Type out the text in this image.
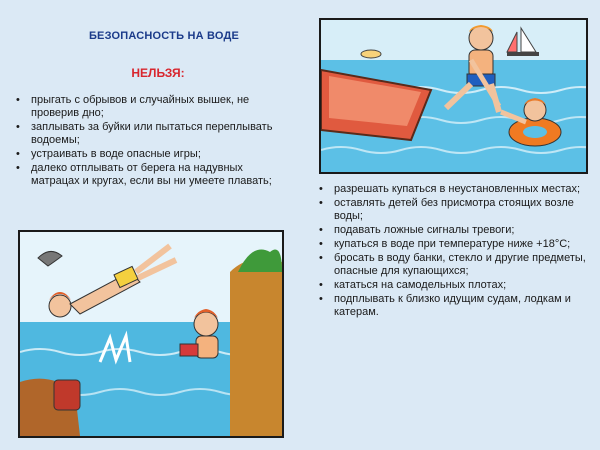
БЕЗОПАСНОСТЬ НА ВОДЕ
НЕЛЬЗЯ:
• прыгать с обрывов и случайных вышек, не проверив дно;
• заплывать за буйки или пытаться переплывать водоемы;
• устраивать в воде опасные игры;
• далеко отплывать от берега на надувных матрацах и кругах, если вы ни умеете плавать;
• разрешать купаться в неустановленных местах;
• оставлять детей без присмотра стоящих возле воды;
• подавать ложные сигналы тревоги;
• купаться в воде при температуре ниже +18°С;
• бросать в воду банки, стекло и другие предметы, опасные для купающихся;
• кататься на самодельных плотах;
• подплывать к близко идущим судам, лодкам и катерам.
